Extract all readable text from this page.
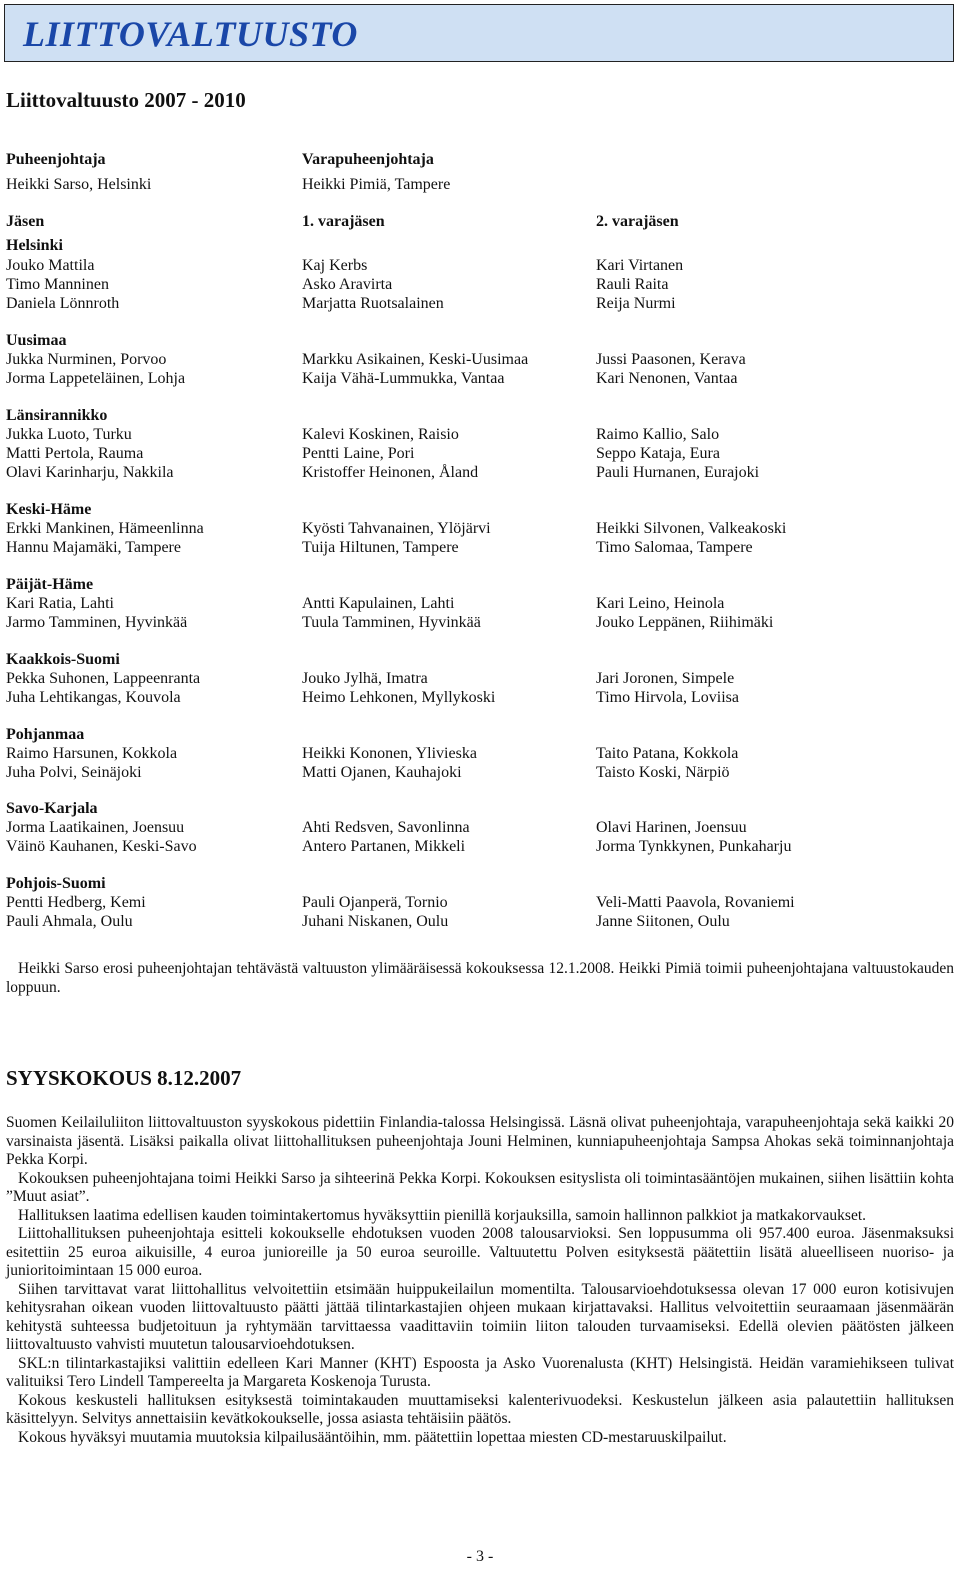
LIITTOVALTUUSTO
Liittovaltuusto 2007 - 2010
Puheenjohtaja	Varapuheenjohtaja
Heikki Sarso, Helsinki	Heikki Pimiä, Tampere
Jäsen	1. varajäsen	2. varajäsen
Helsinki
Jouko Mattila	Kaj Kerbs	Kari Virtanen
Timo Manninen	Asko Aravirta	Rauli Raita
Daniela Lönnroth	Marjatta Ruotsalainen	Reija Nurmi
Uusimaa
Jukka Nurminen, Porvoo	Markku Asikainen, Keski-Uusimaa	Jussi Paasonen, Kerava
Jorma Lappeteläinen, Lohja	Kaija Vähä-Lummukka, Vantaa	Kari Nenonen, Vantaa
Länsirannikko
Jukka Luoto, Turku	Kalevi Koskinen, Raisio	Raimo Kallio, Salo
Matti Pertola, Rauma	Pentti Laine, Pori	Seppo Kataja, Eura
Olavi Karinharju, Nakkila	Kristoffer Heinonen, Åland	Pauli Hurnanen, Eurajoki
Keski-Häme
Erkki Mankinen, Hämeenlinna	Kyösti Tahvanainen, Ylöjärvi	Heikki Silvonen, Valkeakoski
Hannu Majamäki, Tampere	Tuija Hiltunen, Tampere	Timo Salomaa, Tampere
Päijät-Häme
Kari Ratia, Lahti	Antti Kapulainen, Lahti	Kari Leino, Heinola
Jarmo Tamminen, Hyvinkää	Tuula Tamminen, Hyvinkää	Jouko Leppänen, Riihimäki
Kaakkois-Suomi
Pekka Suhonen, Lappeenranta	Jouko Jylhä, Imatra	Jari Joronen, Simpele
Juha Lehtikangas, Kouvola	Heimo Lehkonen, Myllykoski	Timo Hirvola, Loviisa
Pohjanmaa
Raimo Harsunen, Kokkola	Heikki Kononen, Ylivieska	Taito Patana, Kokkola
Juha Polvi, Seinäjoki	Matti Ojanen, Kauhajoki	Taisto Koski, Närpiö
Savo-Karjala
Jorma Laatikainen, Joensuu	Ahti Redsven, Savonlinna	Olavi Harinen, Joensuu
Väinö Kauhanen, Keski-Savo	Antero Partanen, Mikkeli	Jorma Tynkkynen, Punkaharju
Pohjois-Suomi
Pentti Hedberg, Kemi	Pauli Ojanperä, Tornio	Veli-Matti Paavola, Rovaniemi
Pauli Ahmala, Oulu	Juhani Niskanen, Oulu	Janne Siitonen, Oulu

Heikki Sarso erosi puheenjohtajan tehtävästä valtuuston ylimääräisessä kokouksessa 12.1.2008. Heikki Pimiä toimii puheenjohtajana valtuustokauden loppuun.

SYYSKOKOUS 8.12.2007

Suomen Keilailuliiton liittovaltuuston syyskokous pidettiin Finlandia-talossa Helsingissä. Läsnä olivat puheenjohtaja, varapuheenjohtaja sekä kaikki 20 varsinaista jäsentä. Lisäksi paikalla olivat liittohallituksen puheenjohtaja Jouni Helminen, kunniapuheenjohtaja Sampsa Ahokas sekä toiminnanjohtaja Pekka Korpi.

Kokouksen puheenjohtajana toimi Heikki Sarso ja sihteerinä Pekka Korpi. Kokouksen esityslista oli toimintasääntöjen mukainen, siihen lisättiin kohta ”Muut asiat”.

Hallituksen laatima edellisen kauden toimintakertomus hyväksyttiin pienillä korjauksilla, samoin hallinnon palkkiot ja matkakorvaukset.

Liittohallituksen puheenjohtaja esitteli kokoukselle ehdotuksen vuoden 2008 talousarvioksi. Sen loppusumma oli 957.400 euroa. Jäsenmaksuksi esitettiin 25 euroa aikuisille, 4 euroa junioreille ja 50 euroa seuroille. Valtuutettu Polven esityksestä päätettiin lisätä alueelliseen nuoriso- ja junioritoimintaan 15 000 euroa.

Siihen tarvittavat varat liittohallitus velvoitettiin etsimään huippukeilailun momentilta. Talousarvioehdotuksessa olevan 17 000 euron kotisivujen kehitysrahan oikean vuoden liittovaltuusto päätti jättää tilintarkastajien ohjeen mukaan kirjattavaksi. Hallitus velvoitettiin seuraamaan jäsenmäärän kehitystä suhteessa budjetoituun ja ryhtymään tarvittaessa vaadittaviin toimiin liiton talouden turvaamiseksi. Edellä olevien päätösten jälkeen liittovaltuusto vahvisti muutetun talousarvioehdotuksen.

SKL:n tilintarkastajiksi valittiin edelleen Kari Manner (KHT) Espoosta ja Asko Vuorenalusta (KHT) Helsingistä. Heidän varamiehikseen tulivat valituiksi Tero Lindell Tampereelta ja Margareta Koskenoja Turusta.

Kokous keskusteli hallituksen esityksestä toimintakauden muuttamiseksi kalenterivuodeksi. Keskustelun jälkeen asia palautettiin hallituksen käsittelyyn. Selvitys annettaisiin kevätkokoukselle, jossa asiasta tehtäisiin päätös.

Kokous hyväksyi muutamia muutoksia kilpailusääntöihin, mm. päätettiin lopettaa miesten CD-mestaruuskilpailut.

- 3 -
